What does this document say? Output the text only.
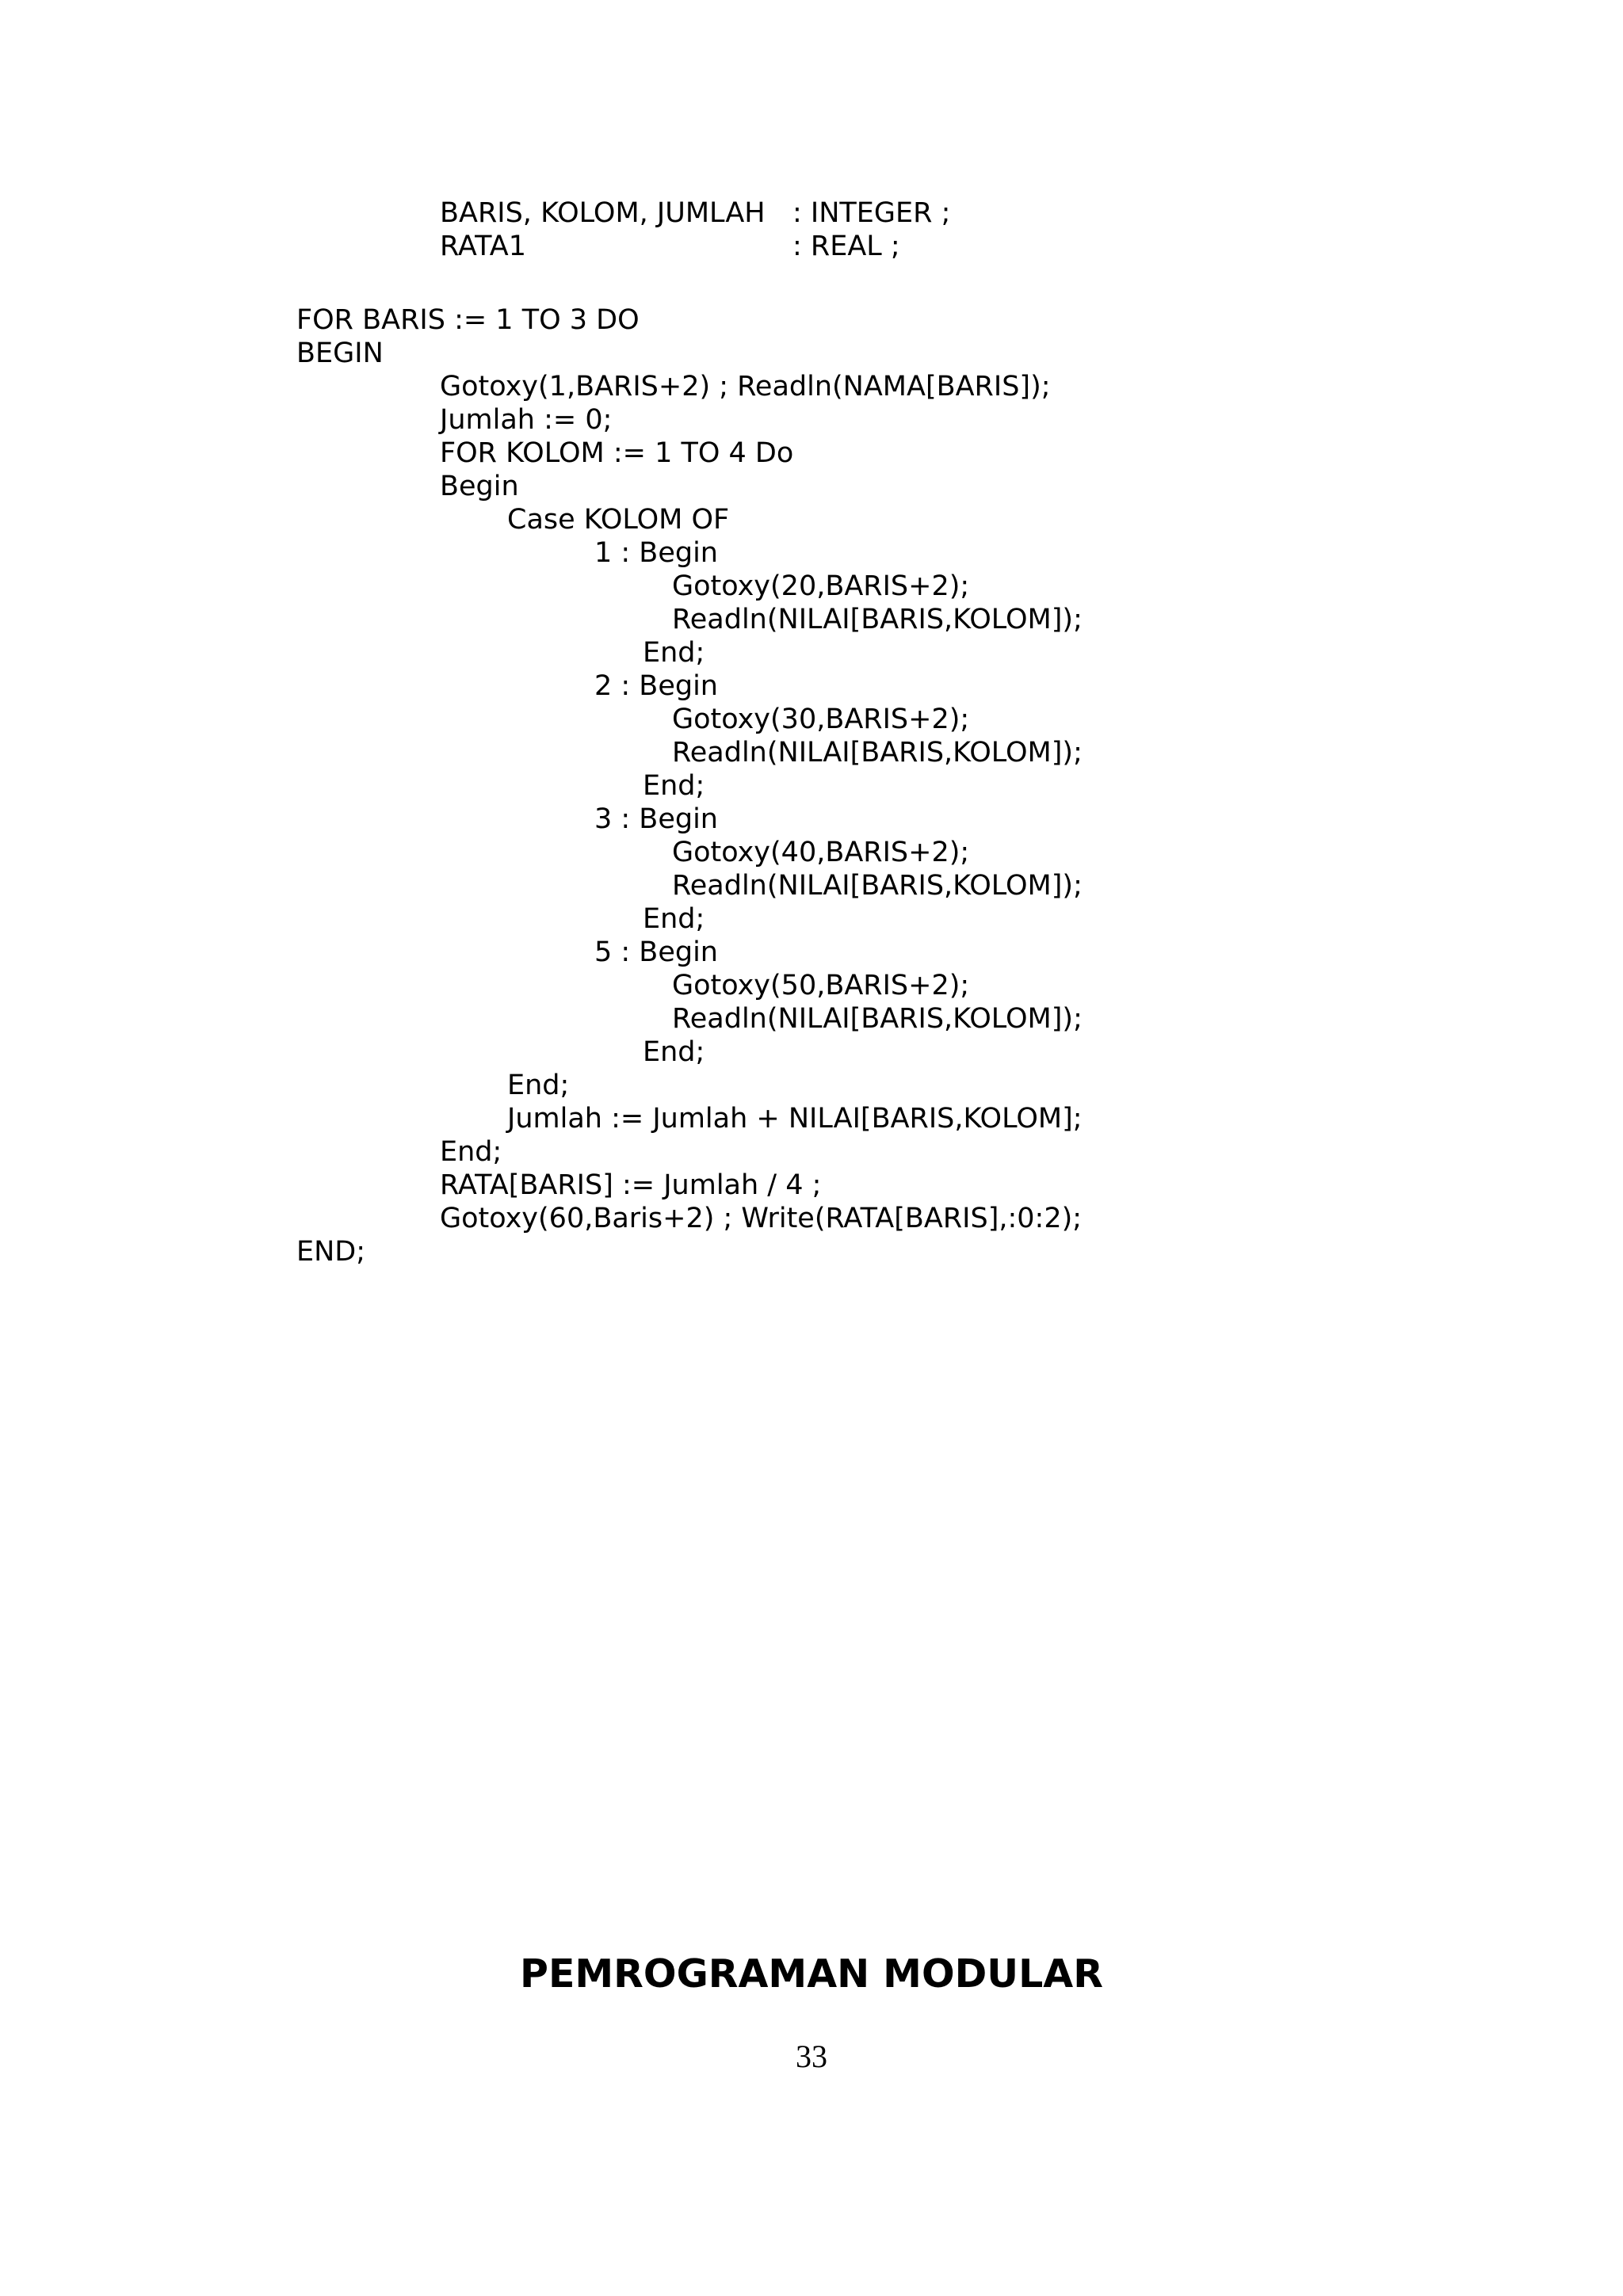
BARIS, KOLOM, JUMLAH : INTEGER ;
RATA1	: REAL ;
FOR BARIS := 1 TO 3 DO
BEGIN
Gotoxy(1,BARIS+2) ; Readln(NAMA[BARIS]);
Jumlah := 0;
FOR KOLOM := 1 TO 4 Do
Begin
Case KOLOM OF
1 : Begin
Gotoxy(20,BARIS+2);
Readln(NILAI[BARIS,KOLOM]);
End;
2 : Begin
Gotoxy(30,BARIS+2);
Readln(NILAI[BARIS,KOLOM]);
End;
3 : Begin
Gotoxy(40,BARIS+2);
Readln(NILAI[BARIS,KOLOM]);
End;
5 : Begin
Gotoxy(50,BARIS+2);
Readln(NILAI[BARIS,KOLOM]);
End;
End;
Jumlah := Jumlah + NILAI[BARIS,KOLOM];
End;
RATA[BARIS] := Jumlah / 4 ;
Gotoxy(60,Baris+2) ; Write(RATA[BARIS],:0:2);
END;
PEMROGRAMAN MODULAR
33
